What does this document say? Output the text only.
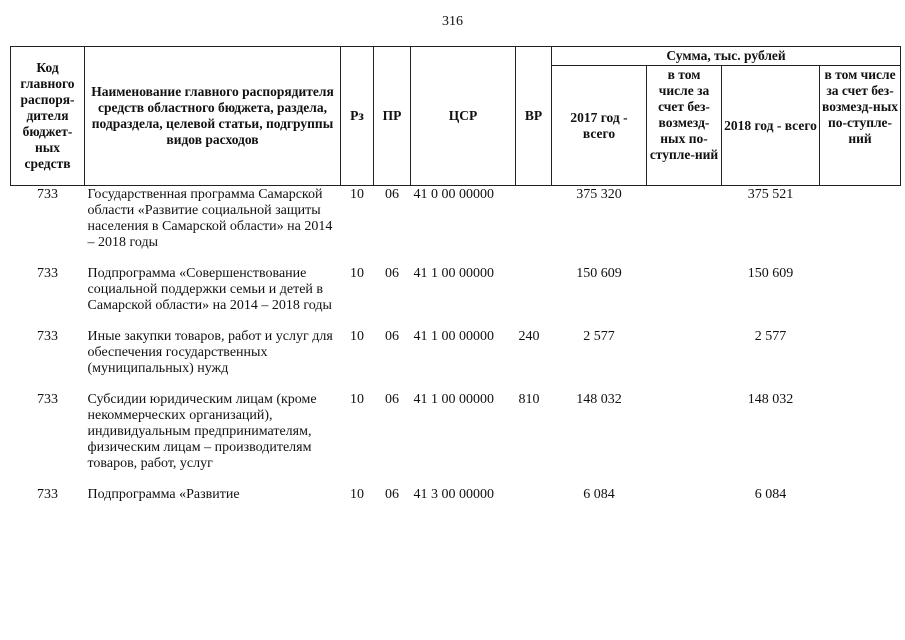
316
Код главного распоря-дителя бюджет-ных средств	Наименование главного распорядителя средств областного бюджета, раздела, подраздела, целевой статьи, подгруппы видов расходов	Рз	ПР	ЦСР	ВР	Сумма, тыс. рублей			
						2017 год - всего	в том числе за счет без-возмезд-ных по-ступле-ний	2018 год - всего	в том числе за счет без-возмезд-ных по-ступле-ний
733	Государственная программа Самарской области «Развитие социальной защиты населения в Самарской области» на 2014 – 2018 годы	10	06	41 0 00 00000		375 320		375 521	
733	Подпрограмма «Совершенствование социальной поддержки семьи и детей в Самарской области» на 2014 – 2018 годы	10	06	41 1 00 00000		150 609		150 609	
733	Иные закупки товаров, работ и услуг для обеспечения государственных (муниципальных) нужд	10	06	41 1 00 00000	240	2 577		2 577	
733	Субсидии юридическим лицам (кроме некоммерческих организаций), индивидуальным предпринимателям, физическим лицам – производителям товаров, работ, услуг	10	06	41 1 00 00000	810	148 032		148 032	
733	Подпрограмма «Развитие	10	06	41 3 00 00000		6 084		6 084	
